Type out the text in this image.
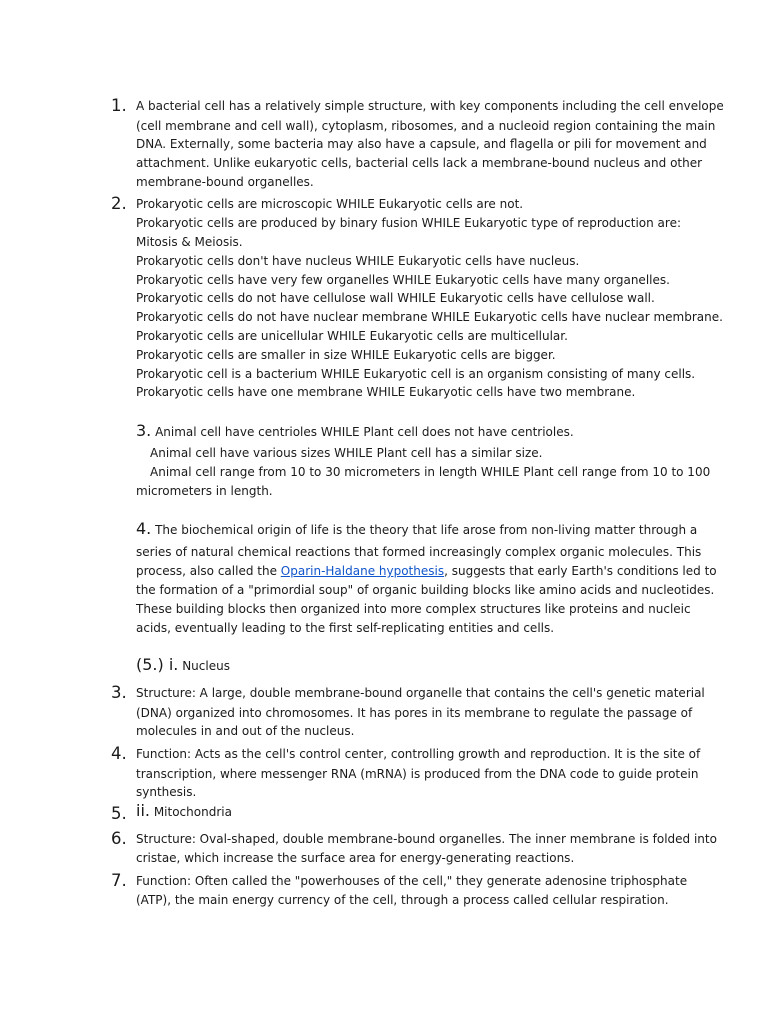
1. A bacterial cell has a relatively simple structure, with key components including the cell envelope
(cell membrane and cell wall), cytoplasm, ribosomes, and a nucleoid region containing the main
DNA. Externally, some bacteria may also have a capsule, and flagella or pili for movement and
attachment. Unlike eukaryotic cells, bacterial cells lack a membrane-bound nucleus and other
membrane-bound organelles.
2. Prokaryotic cells are microscopic WHILE Eukaryotic cells are not.
Prokaryotic cells are produced by binary fusion WHILE Eukaryotic type of reproduction are:
Mitosis & Meiosis.
Prokaryotic cells don't have nucleus WHILE Eukaryotic cells have nucleus.
Prokaryotic cells have very few organelles WHILE Eukaryotic cells have many organelles.
Prokaryotic cells do not have cellulose wall WHILE Eukaryotic cells have cellulose wall.
Prokaryotic cells do not have nuclear membrane WHILE Eukaryotic cells have nuclear membrane.
Prokaryotic cells are unicellular WHILE Eukaryotic cells are multicellular.
Prokaryotic cells are smaller in size WHILE Eukaryotic cells are bigger.
Prokaryotic cell is a bacterium WHILE Eukaryotic cell is an organism consisting of many cells.
Prokaryotic cells have one membrane WHILE Eukaryotic cells have two membrane.
3. Animal cell have centrioles WHILE Plant cell does not have centrioles.
Animal cell have various sizes WHILE Plant cell has a similar size.
Animal cell range from 10 to 30 micrometers in length WHILE Plant cell range from 10 to 100
micrometers in length.
4. The biochemical origin of life is the theory that life arose from non-living matter through a
series of natural chemical reactions that formed increasingly complex organic molecules. This
process, also called the Oparin-Haldane hypothesis, suggests that early Earth's conditions led to
the formation of a "primordial soup" of organic building blocks like amino acids and nucleotides.
These building blocks then organized into more complex structures like proteins and nucleic
acids, eventually leading to the first self-replicating entities and cells.
(5.) i. Nucleus
3. Structure: A large, double membrane-bound organelle that contains the cell's genetic material
(DNA) organized into chromosomes. It has pores in its membrane to regulate the passage of
molecules in and out of the nucleus.
4. Function: Acts as the cell's control center, controlling growth and reproduction. It is the site of
transcription, where messenger RNA (mRNA) is produced from the DNA code to guide protein
synthesis.
5. ii. Mitochondria
6. Structure: Oval-shaped, double membrane-bound organelles. The inner membrane is folded into
cristae, which increase the surface area for energy-generating reactions.
7. Function: Often called the "powerhouses of the cell," they generate adenosine triphosphate
(ATP), the main energy currency of the cell, through a process called cellular respiration.
